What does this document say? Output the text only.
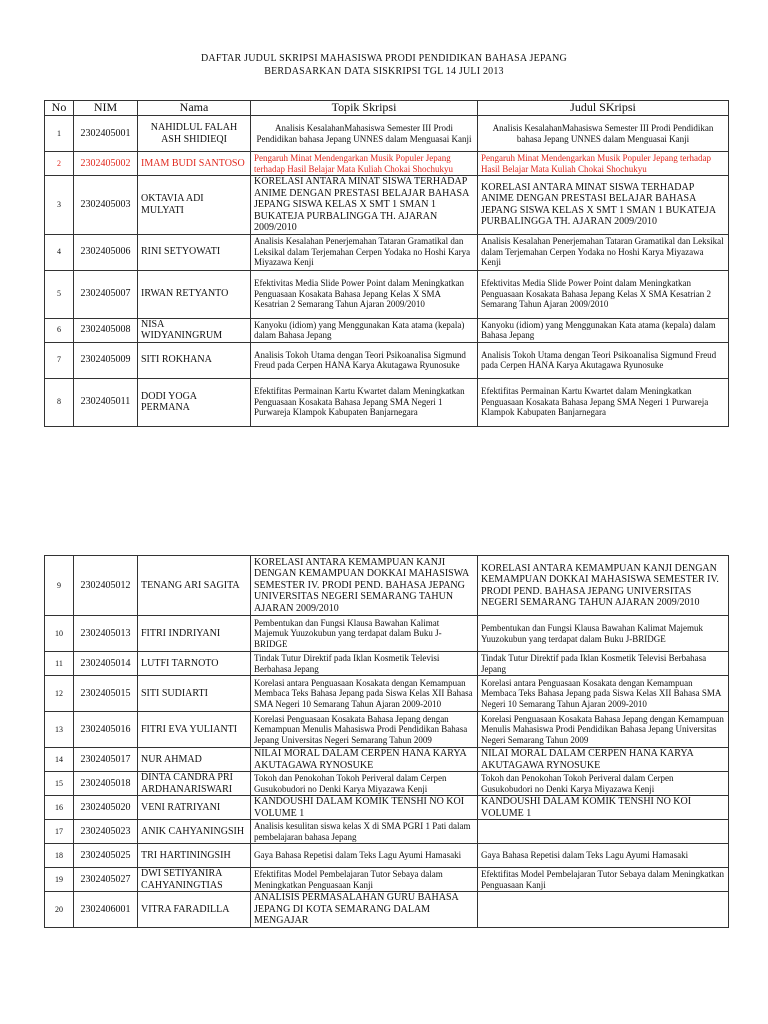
DAFTAR JUDUL SKRIPSI MAHASISWA PRODI PENDIDIKAN BAHASA JEPANG
BERDASARKAN DATA SISKRIPSI TGL 14 JULI 2013
No	NIM	Nama	Topik Skripsi	Judul SKripsi
1	2302405001	NAHIDLUL FALAH ASH SHIDIEQI	Analisis KesalahanMahasiswa Semester III Prodi Pendidikan bahasa Jepang UNNES dalam Menguasai Kanji	Analisis KesalahanMahasiswa Semester III Prodi Pendidikan bahasa Jepang UNNES dalam Menguasai Kanji
2	2302405002	IMAM BUDI SANTOSO	Pengaruh Minat Mendengarkan Musik Populer Jepang terhadap Hasil Belajar Mata Kuliah Chokai Shochukyu	Pengaruh Minat Mendengarkan Musik Populer Jepang terhadap Hasil Belajar Mata Kuliah Chokai Shochukyu
3	2302405003	OKTAVIA ADI MULYATI	KORELASI ANTARA MINAT SISWA TERHADAP ANIME DENGAN PRESTASI BELAJAR BAHASA JEPANG SISWA KELAS X SMT 1 SMAN 1 BUKATEJA PURBALINGGA TH. AJARAN 2009/2010	KORELASI ANTARA MINAT SISWA TERHADAP ANIME DENGAN PRESTASI BELAJAR BAHASA JEPANG SISWA KELAS X SMT 1 SMAN 1 BUKATEJA PURBALINGGA TH. AJARAN 2009/2010
4	2302405006	RINI SETYOWATI	Analisis Kesalahan Penerjemahan Tataran Gramatikal dan Leksikal dalam Terjemahan Cerpen Yodaka no Hoshi Karya Miyazawa Kenji	Analisis Kesalahan Penerjemahan Tataran Gramatikal dan Leksikal dalam Terjemahan Cerpen Yodaka no Hoshi Karya Miyazawa Kenji
5	2302405007	IRWAN RETYANTO	Efektivitas Media Slide Power Point dalam Meningkatkan Penguasaan Kosakata Bahasa Jepang Kelas X SMA Kesatrian 2 Semarang Tahun Ajaran 2009/2010	Efektivitas Media Slide Power Point dalam Meningkatkan Penguasaan Kosakata Bahasa Jepang Kelas X SMA Kesatrian 2 Semarang Tahun Ajaran 2009/2010
6	2302405008	NISA WIDYANINGRUM	Kanyoku (idiom) yang Menggunakan Kata atama (kepala) dalam Bahasa Jepang	Kanyoku (idiom) yang Menggunakan Kata atama (kepala) dalam Bahasa Jepang
7	2302405009	SITI ROKHANA	Analisis Tokoh Utama dengan Teori Psikoanalisa Sigmund Freud pada Cerpen HANA Karya Akutagawa Ryunosuke	Analisis Tokoh Utama dengan Teori Psikoanalisa Sigmund Freud pada Cerpen HANA Karya Akutagawa Ryunosuke
8	2302405011	DODI YOGA PERMANA	Efektifitas Permainan Kartu Kwartet dalam Meningkatkan Penguasaan Kosakata Bahasa Jepang SMA Negeri 1 Purwareja Klampok Kabupaten Banjarnegara	Efektifitas Permainan Kartu Kwartet dalam Meningkatkan Penguasaan Kosakata Bahasa Jepang SMA Negeri 1 Purwareja Klampok Kabupaten Banjarnegara
9	2302405012	TENANG ARI SAGITA	KORELASI ANTARA KEMAMPUAN KANJI DENGAN KEMAMPUAN DOKKAI MAHASISWA SEMESTER IV. PRODI PEND. BAHASA JEPANG UNIVERSITAS NEGERI SEMARANG TAHUN AJARAN 2009/2010	KORELASI ANTARA KEMAMPUAN KANJI DENGAN KEMAMPUAN DOKKAI MAHASISWA SEMESTER IV. PRODI PEND. BAHASA JEPANG UNIVERSITAS NEGERI SEMARANG TAHUN AJARAN 2009/2010
10	2302405013	FITRI INDRIYANI	Pembentukan dan Fungsi Klausa Bawahan Kalimat Majemuk Yuuzokubun yang terdapat dalam Buku J-BRIDGE	Pembentukan dan Fungsi Klausa Bawahan Kalimat Majemuk Yuuzokubun yang terdapat dalam Buku J-BRIDGE
11	2302405014	LUTFI TARNOTO	Tindak Tutur Direktif pada Iklan Kosmetik Televisi Berbahasa Jepang	Tindak Tutur Direktif pada Iklan Kosmetik Televisi Berbahasa Jepang
12	2302405015	SITI SUDIARTI	Korelasi antara Penguasaan Kosakata dengan Kemampuan Membaca Teks Bahasa Jepang pada Siswa Kelas XII Bahasa SMA Negeri 10 Semarang Tahun Ajaran 2009-2010	Korelasi antara Penguasaan Kosakata dengan Kemampuan Membaca Teks Bahasa Jepang pada Siswa Kelas XII Bahasa SMA Negeri 10 Semarang Tahun Ajaran 2009-2010
13	2302405016	FITRI EVA YULIANTI	Korelasi Penguasaan Kosakata Bahasa Jepang dengan Kemampuan Menulis Mahasiswa Prodi Pendidikan Bahasa Jepang Universitas Negeri Semarang Tahun 2009	Korelasi Penguasaan Kosakata Bahasa Jepang dengan Kemampuan Menulis Mahasiswa Prodi Pendidikan Bahasa Jepang Universitas Negeri Semarang Tahun 2009
14	2302405017	NUR AHMAD	NILAI MORAL DALAM CERPEN HANA KARYA AKUTAGAWA RYNOSUKE	NILAI MORAL DALAM CERPEN HANA KARYA AKUTAGAWA RYNOSUKE
15	2302405018	DINTA CANDRA PRI ARDHANARISWARI	Tokoh dan Penokohan Tokoh Periveral dalam Cerpen Gusukobudori no Denki Karya Miyazawa Kenji	Tokoh dan Penokohan Tokoh Periveral dalam Cerpen Gusukobudori no Denki Karya Miyazawa Kenji
16	2302405020	VENI RATRIYANI	KANDOUSHI DALAM KOMIK TENSHI NO KOI VOLUME 1	KANDOUSHI DALAM KOMIK TENSHI NO KOI VOLUME 1
17	2302405023	ANIK CAHYANINGSIH	Analisis kesulitan siswa kelas X di SMA PGRI 1 Pati dalam pembelajaran bahasa Jepang	
18	2302405025	TRI HARTININGSIH	Gaya Bahasa Repetisi dalam Teks Lagu Ayumi Hamasaki	Gaya Bahasa Repetisi dalam Teks Lagu Ayumi Hamasaki
19	2302405027	DWI SETIYANIRA CAHYANINGTIAS	Efektifitas Model Pembelajaran Tutor Sebaya dalam Meningkatkan Penguasaan Kanji	Efektifitas Model Pembelajaran Tutor Sebaya dalam Meningkatkan Penguasaan Kanji
20	2302406001	VITRA FARADILLA	ANALISIS PERMASALAHAN GURU BAHASA JEPANG DI KOTA SEMARANG DALAM MENGAJAR	
